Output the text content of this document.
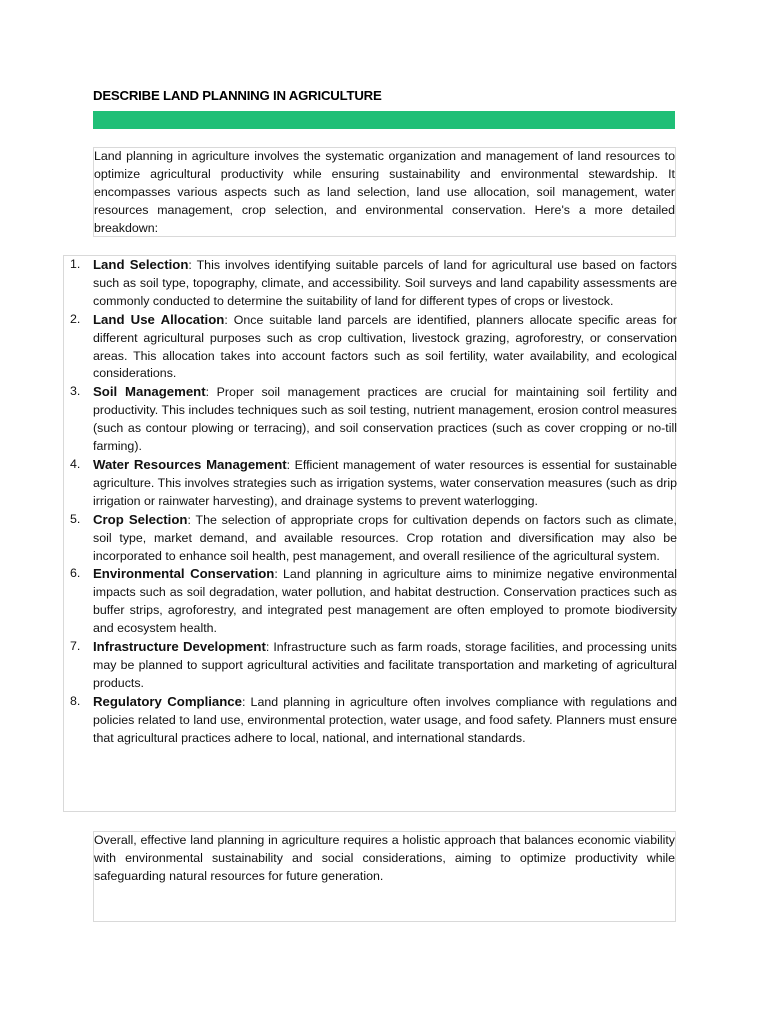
DESCRIBE LAND PLANNING IN AGRICULTURE

Land planning in agriculture involves the systematic organization and management of land resources to optimize agricultural productivity while ensuring sustainability and environmental stewardship. It encompasses various aspects such as land selection, land use allocation, soil management, water resources management, crop selection, and environmental conservation. Here's a more detailed breakdown:

1. Land Selection: This involves identifying suitable parcels of land for agricultural use based on factors such as soil type, topography, climate, and accessibility. Soil surveys and land capability assessments are commonly conducted to determine the suitability of land for different types of crops or livestock.
2. Land Use Allocation: Once suitable land parcels are identified, planners allocate specific areas for different agricultural purposes such as crop cultivation, livestock grazing, agroforestry, or conservation areas. This allocation takes into account factors such as soil fertility, water availability, and ecological considerations.
3. Soil Management: Proper soil management practices are crucial for maintaining soil fertility and productivity. This includes techniques such as soil testing, nutrient management, erosion control measures (such as contour plowing or terracing), and soil conservation practices (such as cover cropping or no-till farming).
4. Water Resources Management: Efficient management of water resources is essential for sustainable agriculture. This involves strategies such as irrigation systems, water conservation measures (such as drip irrigation or rainwater harvesting), and drainage systems to prevent waterlogging.
5. Crop Selection: The selection of appropriate crops for cultivation depends on factors such as climate, soil type, market demand, and available resources. Crop rotation and diversification may also be incorporated to enhance soil health, pest management, and overall resilience of the agricultural system.
6. Environmental Conservation: Land planning in agriculture aims to minimize negative environmental impacts such as soil degradation, water pollution, and habitat destruction. Conservation practices such as buffer strips, agroforestry, and integrated pest management are often employed to promote biodiversity and ecosystem health.
7. Infrastructure Development: Infrastructure such as farm roads, storage facilities, and processing units may be planned to support agricultural activities and facilitate transportation and marketing of agricultural products.
8. Regulatory Compliance: Land planning in agriculture often involves compliance with regulations and policies related to land use, environmental protection, water usage, and food safety. Planners must ensure that agricultural practices adhere to local, national, and international standards.

Overall, effective land planning in agriculture requires a holistic approach that balances economic viability with environmental sustainability and social considerations, aiming to optimize productivity while safeguarding natural resources for future generation.
